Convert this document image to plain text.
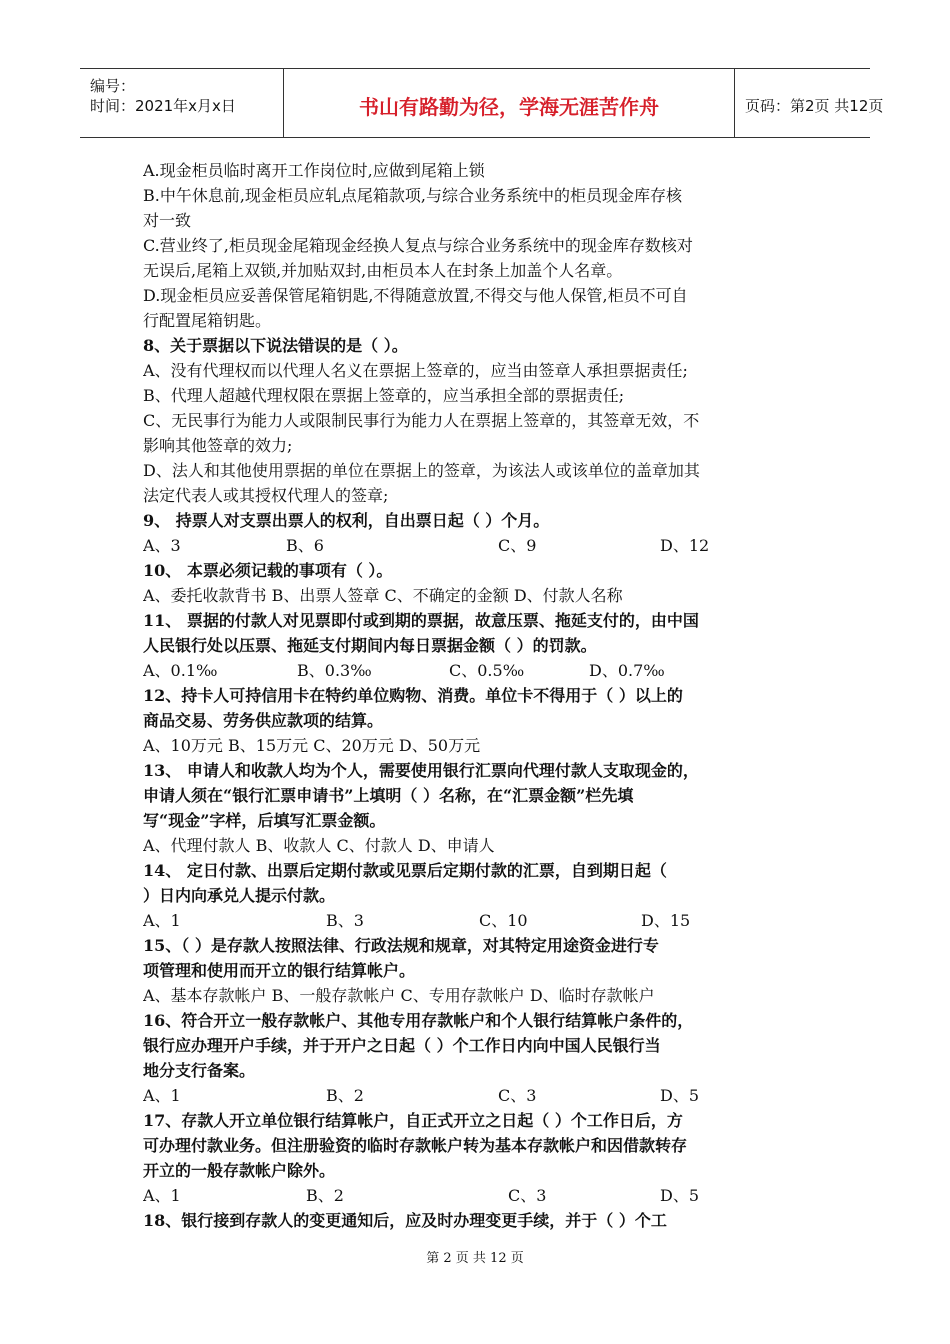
编号：
时间：2021年x月x日	书山有路勤为径，学海无涯苦作舟	页码：第2页 共12页
A.现金柜员临时离开工作岗位时,应做到尾箱上锁
B.中午休息前,现金柜员应轧点尾箱款项,与综合业务系统中的柜员现金库存核
对一致
C.营业终了,柜员现金尾箱现金经换人复点与综合业务系统中的现金库存数核对
无误后,尾箱上双锁,并加贴双封,由柜员本人在封条上加盖个人名章。
D.现金柜员应妥善保管尾箱钥匙,不得随意放置,不得交与他人保管,柜员不可自
行配置尾箱钥匙。
8、关于票据以下说法错误的是（ ）。
A、没有代理权而以代理人名义在票据上签章的，应当由签章人承担票据责任;
B、代理人超越代理权限在票据上签章的，应当承担全部的票据责任;
C、无民事行为能力人或限制民事行为能力人在票据上签章的，其签章无效，不
影响其他签章的效力;
D、法人和其他使用票据的单位在票据上的签章，为该法人或该单位的盖章加其
法定代表人或其授权代理人的签章;
9、 持票人对支票出票人的权利，自出票日起（ ）个月。
A、3	B、6	C、9	D、12
10、 本票必须记载的事项有（ ）。
A、委托收款背书 B、出票人签章 C、不确定的金额 D、付款人名称
11、 票据的付款人对见票即付或到期的票据，故意压票、拖延支付的，由中国
人民银行处以压票、拖延支付期间内每日票据金额（ ）的罚款。
A、0.1‰	B、0.3‰	C、0.5‰	D、0.7‰
12、持卡人可持信用卡在特约单位购物、消费。单位卡不得用于（ ）以上的
商品交易、劳务供应款项的结算。
A、10万元 B、15万元 C、20万元 D、50万元
13、 申请人和收款人均为个人，需要使用银行汇票向代理付款人支取现金的，
申请人须在“银行汇票申请书”上填明（ ）名称，在“汇票金额”栏先填
写“现金”字样，后填写汇票金额。
A、代理付款人 B、收款人 C、付款人 D、申请人
14、 定日付款、出票后定期付款或见票后定期付款的汇票，自到期日起（
）日内向承兑人提示付款。
A、1	B、3	C、10	D、15
15、（ ）是存款人按照法律、行政法规和规章，对其特定用途资金进行专
项管理和使用而开立的银行结算帐户。
A、基本存款帐户 B、一般存款帐户 C、专用存款帐户 D、临时存款帐户
16、符合开立一般存款帐户、其他专用存款帐户和个人银行结算帐户条件的，
银行应办理开户手续，并于开户之日起（ ）个工作日内向中国人民银行当
地分支行备案。
A、1	B、2	C、3	D、5
17、存款人开立单位银行结算帐户，自正式开立之日起（ ）个工作日后，方
可办理付款业务。但注册验资的临时存款帐户转为基本存款帐户和因借款转存
开立的一般存款帐户除外。
A、1	B、2	C、3	D、5
18、银行接到存款人的变更通知后，应及时办理变更手续，并于（ ）个工
第 2 页 共 12 页
